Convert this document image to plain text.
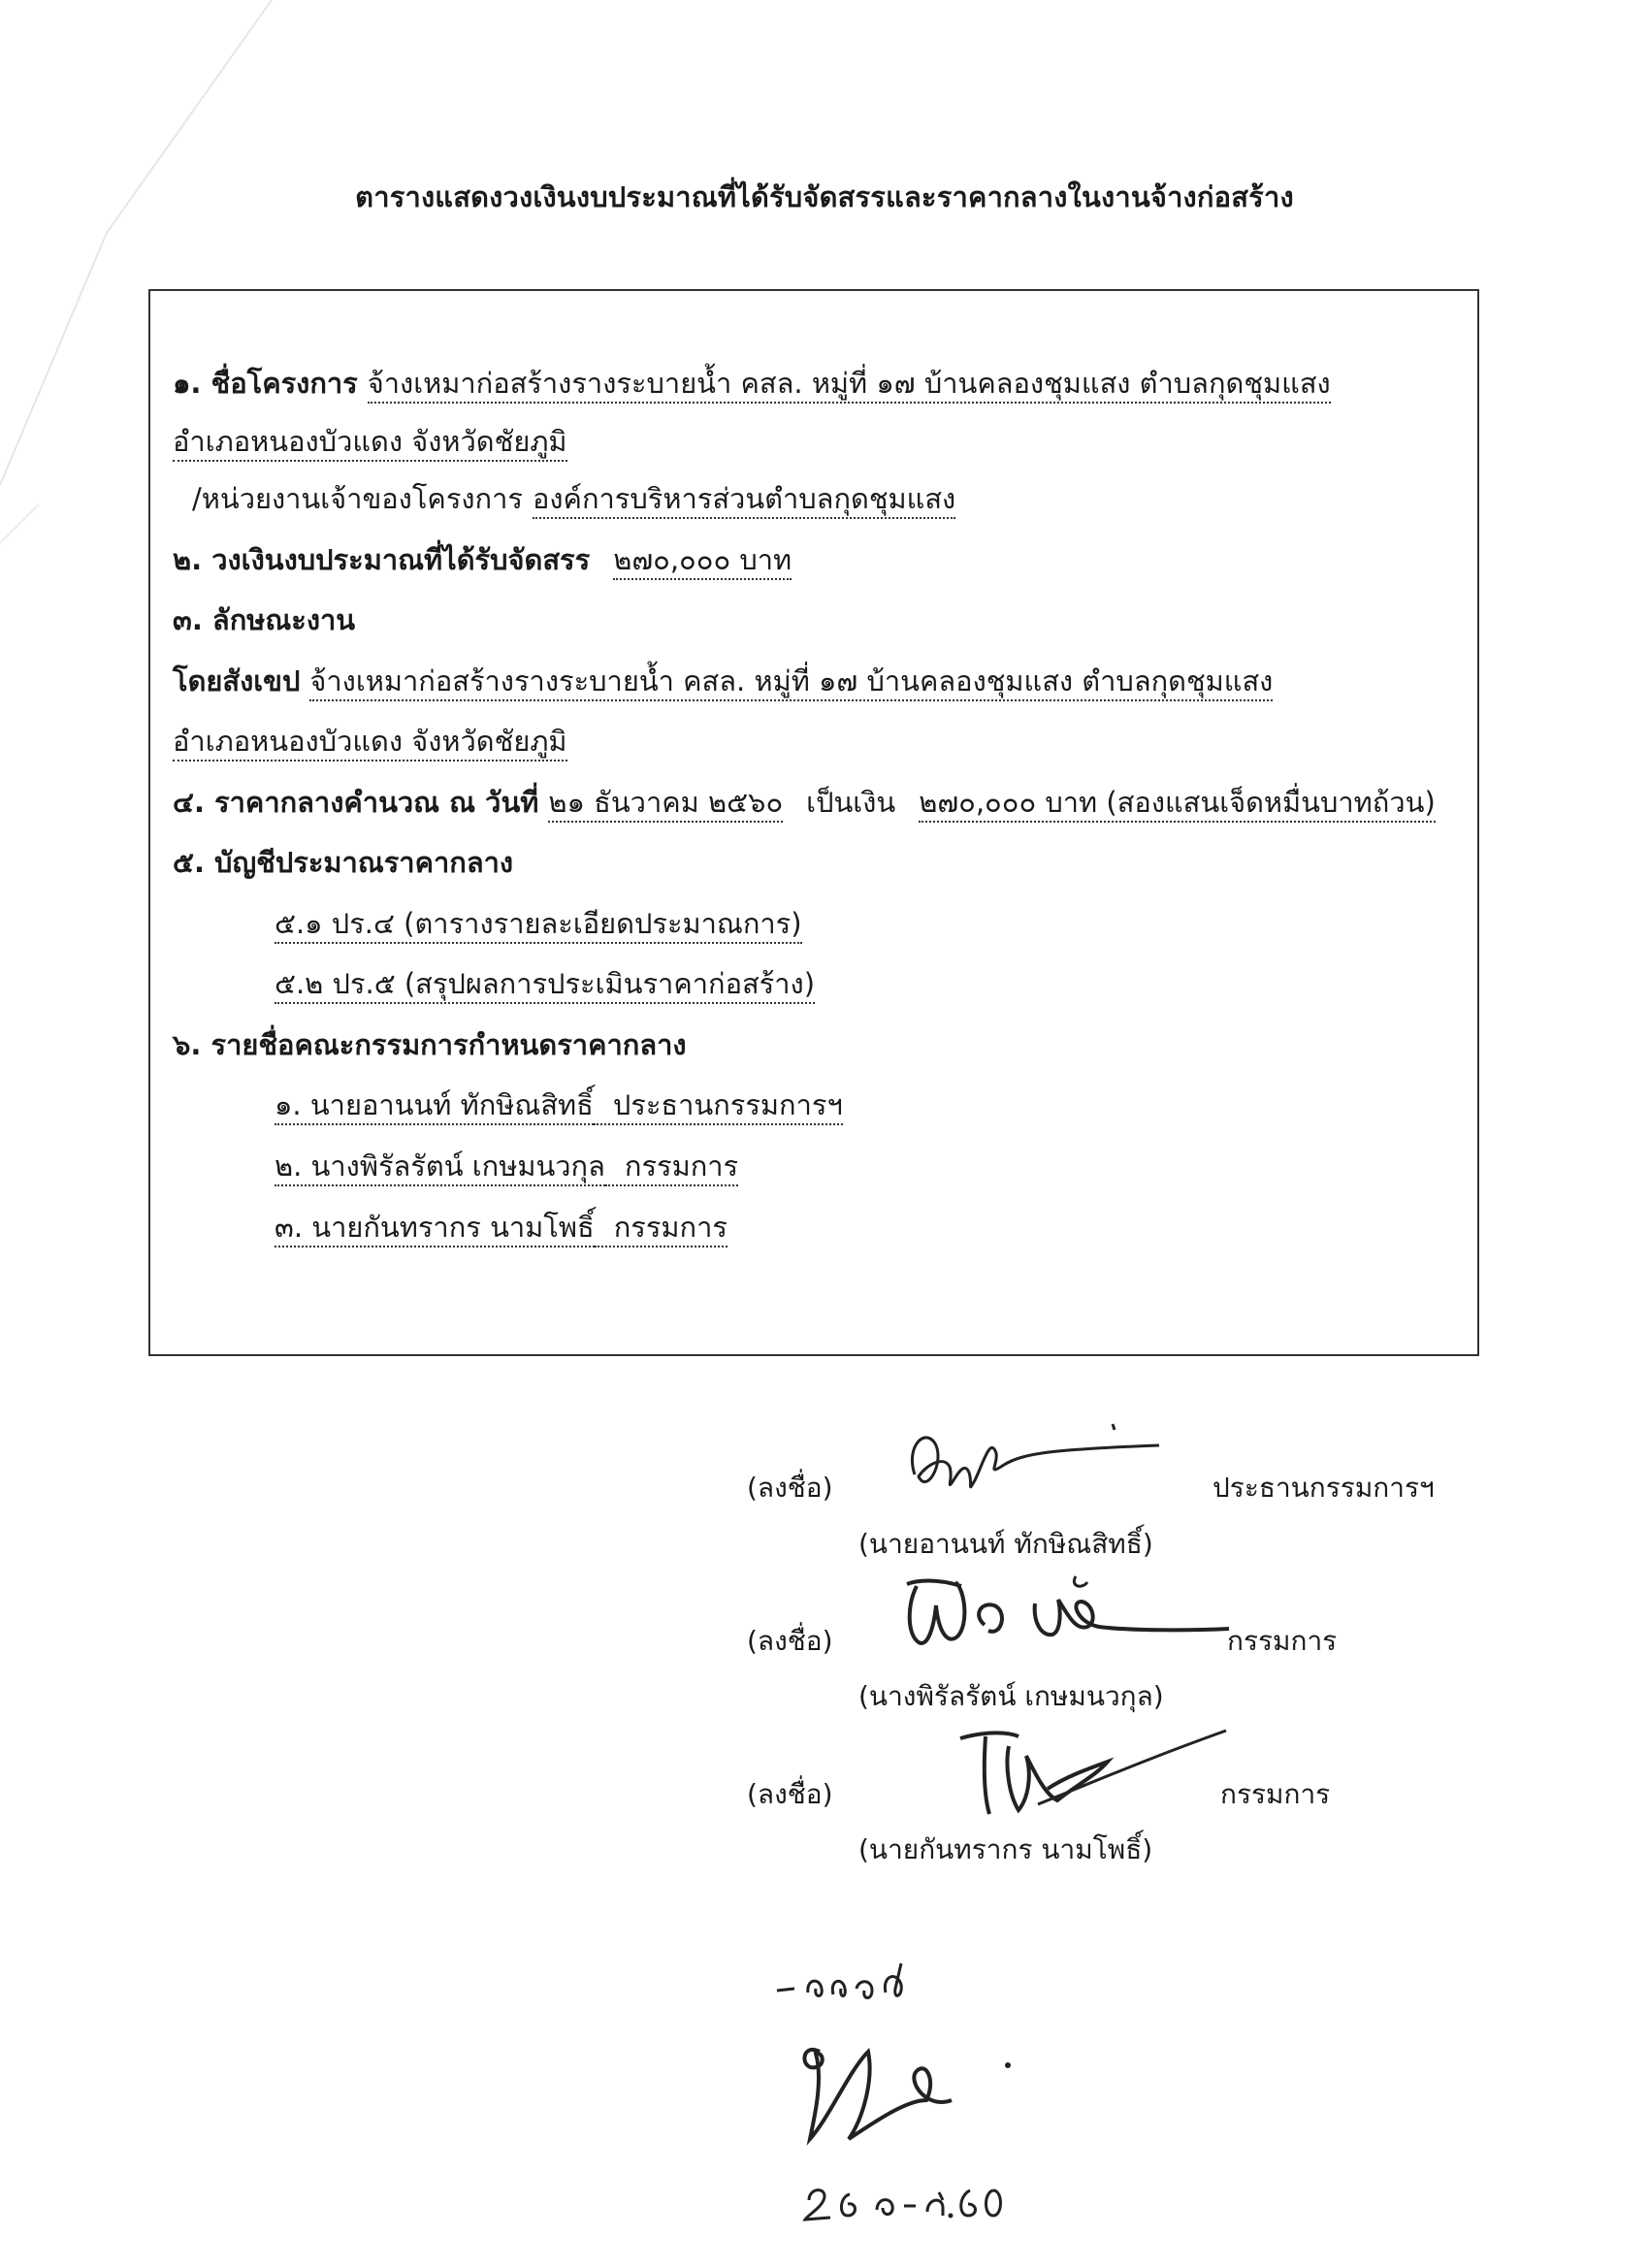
ตารางแสดงวงเงินงบประมาณที่ได้รับจัดสรรและราคากลางในงานจ้างก่อสร้าง
๑. ชื่อโครงการ จ้างเหมาก่อสร้างรางระบายน้ำ คสล. หมู่ที่ ๑๗ บ้านคลองชุมแสง ตำบลกุดชุมแสง
อำเภอหนองบัวแดง จังหวัดชัยภูมิ
/หน่วยงานเจ้าของโครงการ องค์การบริหารส่วนตำบลกุดชุมแสง
๒. วงเงินงบประมาณที่ได้รับจัดสรร ๒๗๐,๐๐๐ บาท
๓. ลักษณะงาน
โดยสังเขป จ้างเหมาก่อสร้างรางระบายน้ำ คสล. หมู่ที่ ๑๗ บ้านคลองชุมแสง ตำบลกุดชุมแสง
อำเภอหนองบัวแดง จังหวัดชัยภูมิ
๔. ราคากลางคำนวณ ณ วันที่ ๒๑ ธันวาคม ๒๕๖๐ เป็นเงิน ๒๗๐,๐๐๐ บาท (สองแสนเจ็ดหมื่นบาทถ้วน)
๕. บัญชีประมาณราคากลาง
๕.๑ ปร.๔ (ตารางรายละเอียดประมาณการ)
๕.๒ ปร.๕ (สรุปผลการประเมินราคาก่อสร้าง)
๖. รายชื่อคณะกรรมการกำหนดราคากลาง
๑. นายอานนท์ ทักษิณสิทธิ์ ประธานกรรมการฯ
๒. นางพิรัลรัตน์ เกษมนวกุล กรรมการ
๓. นายกันทรากร นามโพธิ์ กรรมการ
(ลงชื่อ)	ประธานกรรมการฯ
(นายอานนท์ ทักษิณสิทธิ์)
(ลงชื่อ)	กรรมการ
(นางพิรัลรัตน์ เกษมนวกุล)
(ลงชื่อ)	กรรมการ
(นายกันทรากร นามโพธิ์)
